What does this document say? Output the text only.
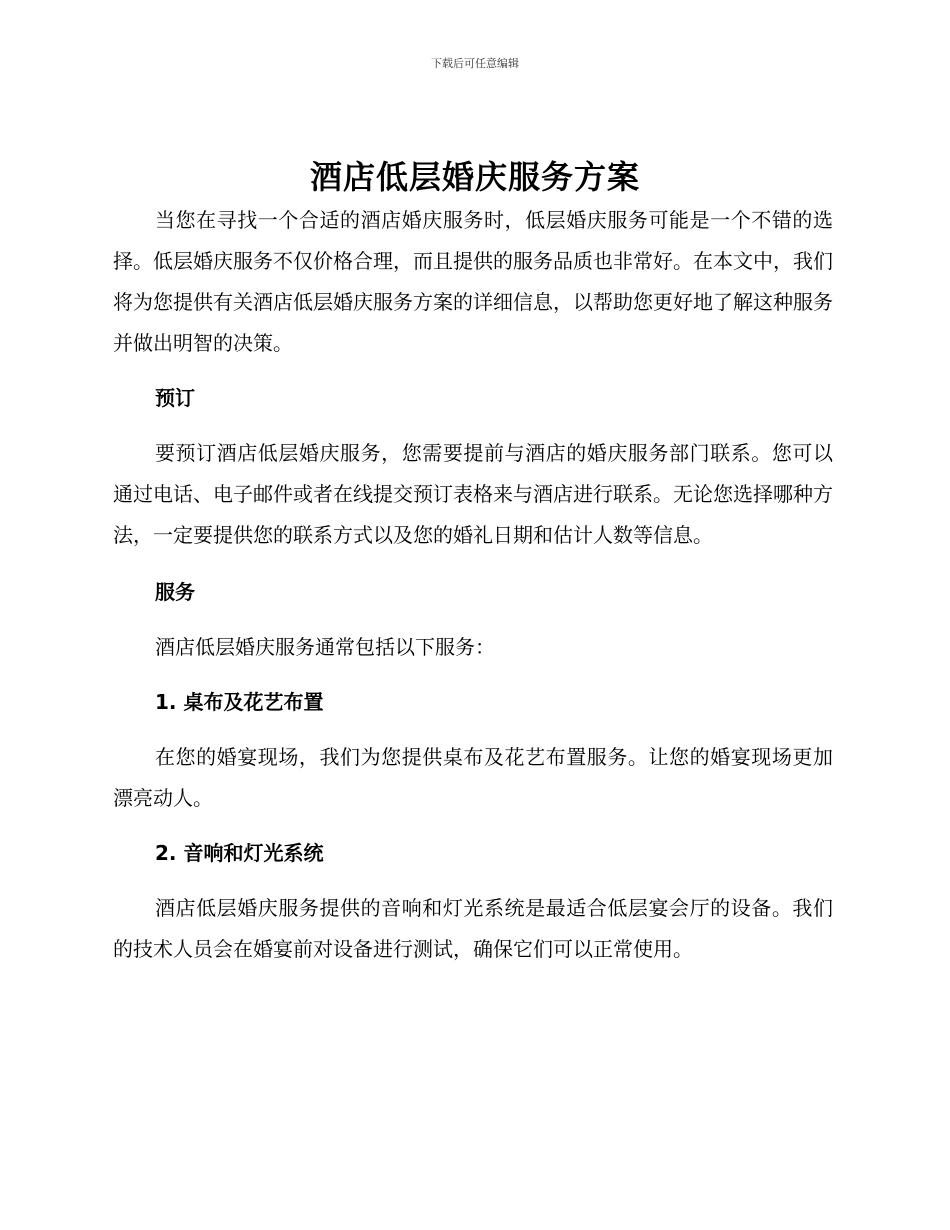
下载后可任意编辑
酒店低层婚庆服务方案

当您在寻找一个合适的酒店婚庆服务时，低层婚庆服务可能是一个不错的选择。低层婚庆服务不仅价格合理，而且提供的服务品质也非常好。在本文中，我们将为您提供有关酒店低层婚庆服务方案的详细信息，以帮助您更好地了解这种服务并做出明智的决策。

预订

要预订酒店低层婚庆服务，您需要提前与酒店的婚庆服务部门联系。您可以通过电话、电子邮件或者在线提交预订表格来与酒店进行联系。无论您选择哪种方法，一定要提供您的联系方式以及您的婚礼日期和估计人数等信息。

服务

酒店低层婚庆服务通常包括以下服务：

1. 桌布及花艺布置

在您的婚宴现场，我们为您提供桌布及花艺布置服务。让您的婚宴现场更加漂亮动人。

2. 音响和灯光系统

酒店低层婚庆服务提供的音响和灯光系统是最适合低层宴会厅的设备。我们的技术人员会在婚宴前对设备进行测试，确保它们可以正常使用。
